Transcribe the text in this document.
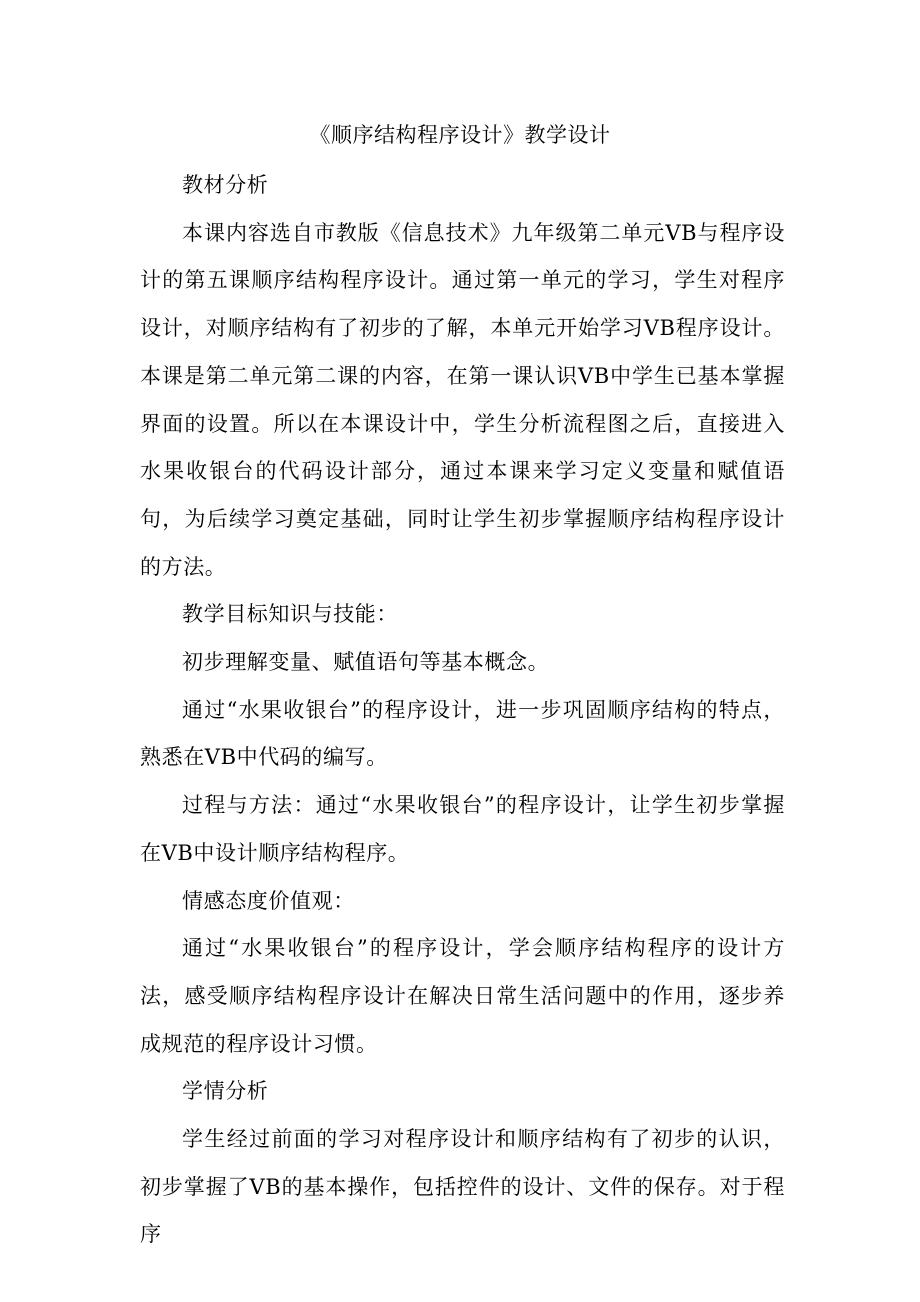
《顺序结构程序设计》教学设计

教材分析

本课内容选自市教版《信息技术》九年级第二单元VB与程序设计的第五课顺序结构程序设计。通过第一单元的学习，学生对程序设计，对顺序结构有了初步的了解，本单元开始学习VB程序设计。本课是第二单元第二课的内容，在第一课认识VB中学生已基本掌握界面的设置。所以在本课设计中，学生分析流程图之后，直接进入水果收银台的代码设计部分，通过本课来学习定义变量和赋值语句，为后续学习奠定基础，同时让学生初步掌握顺序结构程序设计的方法。

教学目标知识与技能：

初步理解变量、赋值语句等基本概念。

通过“水果收银台”的程序设计，进一步巩固顺序结构的特点，熟悉在VB中代码的编写。

过程与方法：通过“水果收银台”的程序设计，让学生初步掌握在VB中设计顺序结构程序。

情感态度价值观：

通过“水果收银台”的程序设计，学会顺序结构程序的设计方法，感受顺序结构程序设计在解决日常生活问题中的作用，逐步养成规范的程序设计习惯。

学情分析

学生经过前面的学习对程序设计和顺序结构有了初步的认识，初步掌握了VB的基本操作，包括控件的设计、文件的保存。对于程序
